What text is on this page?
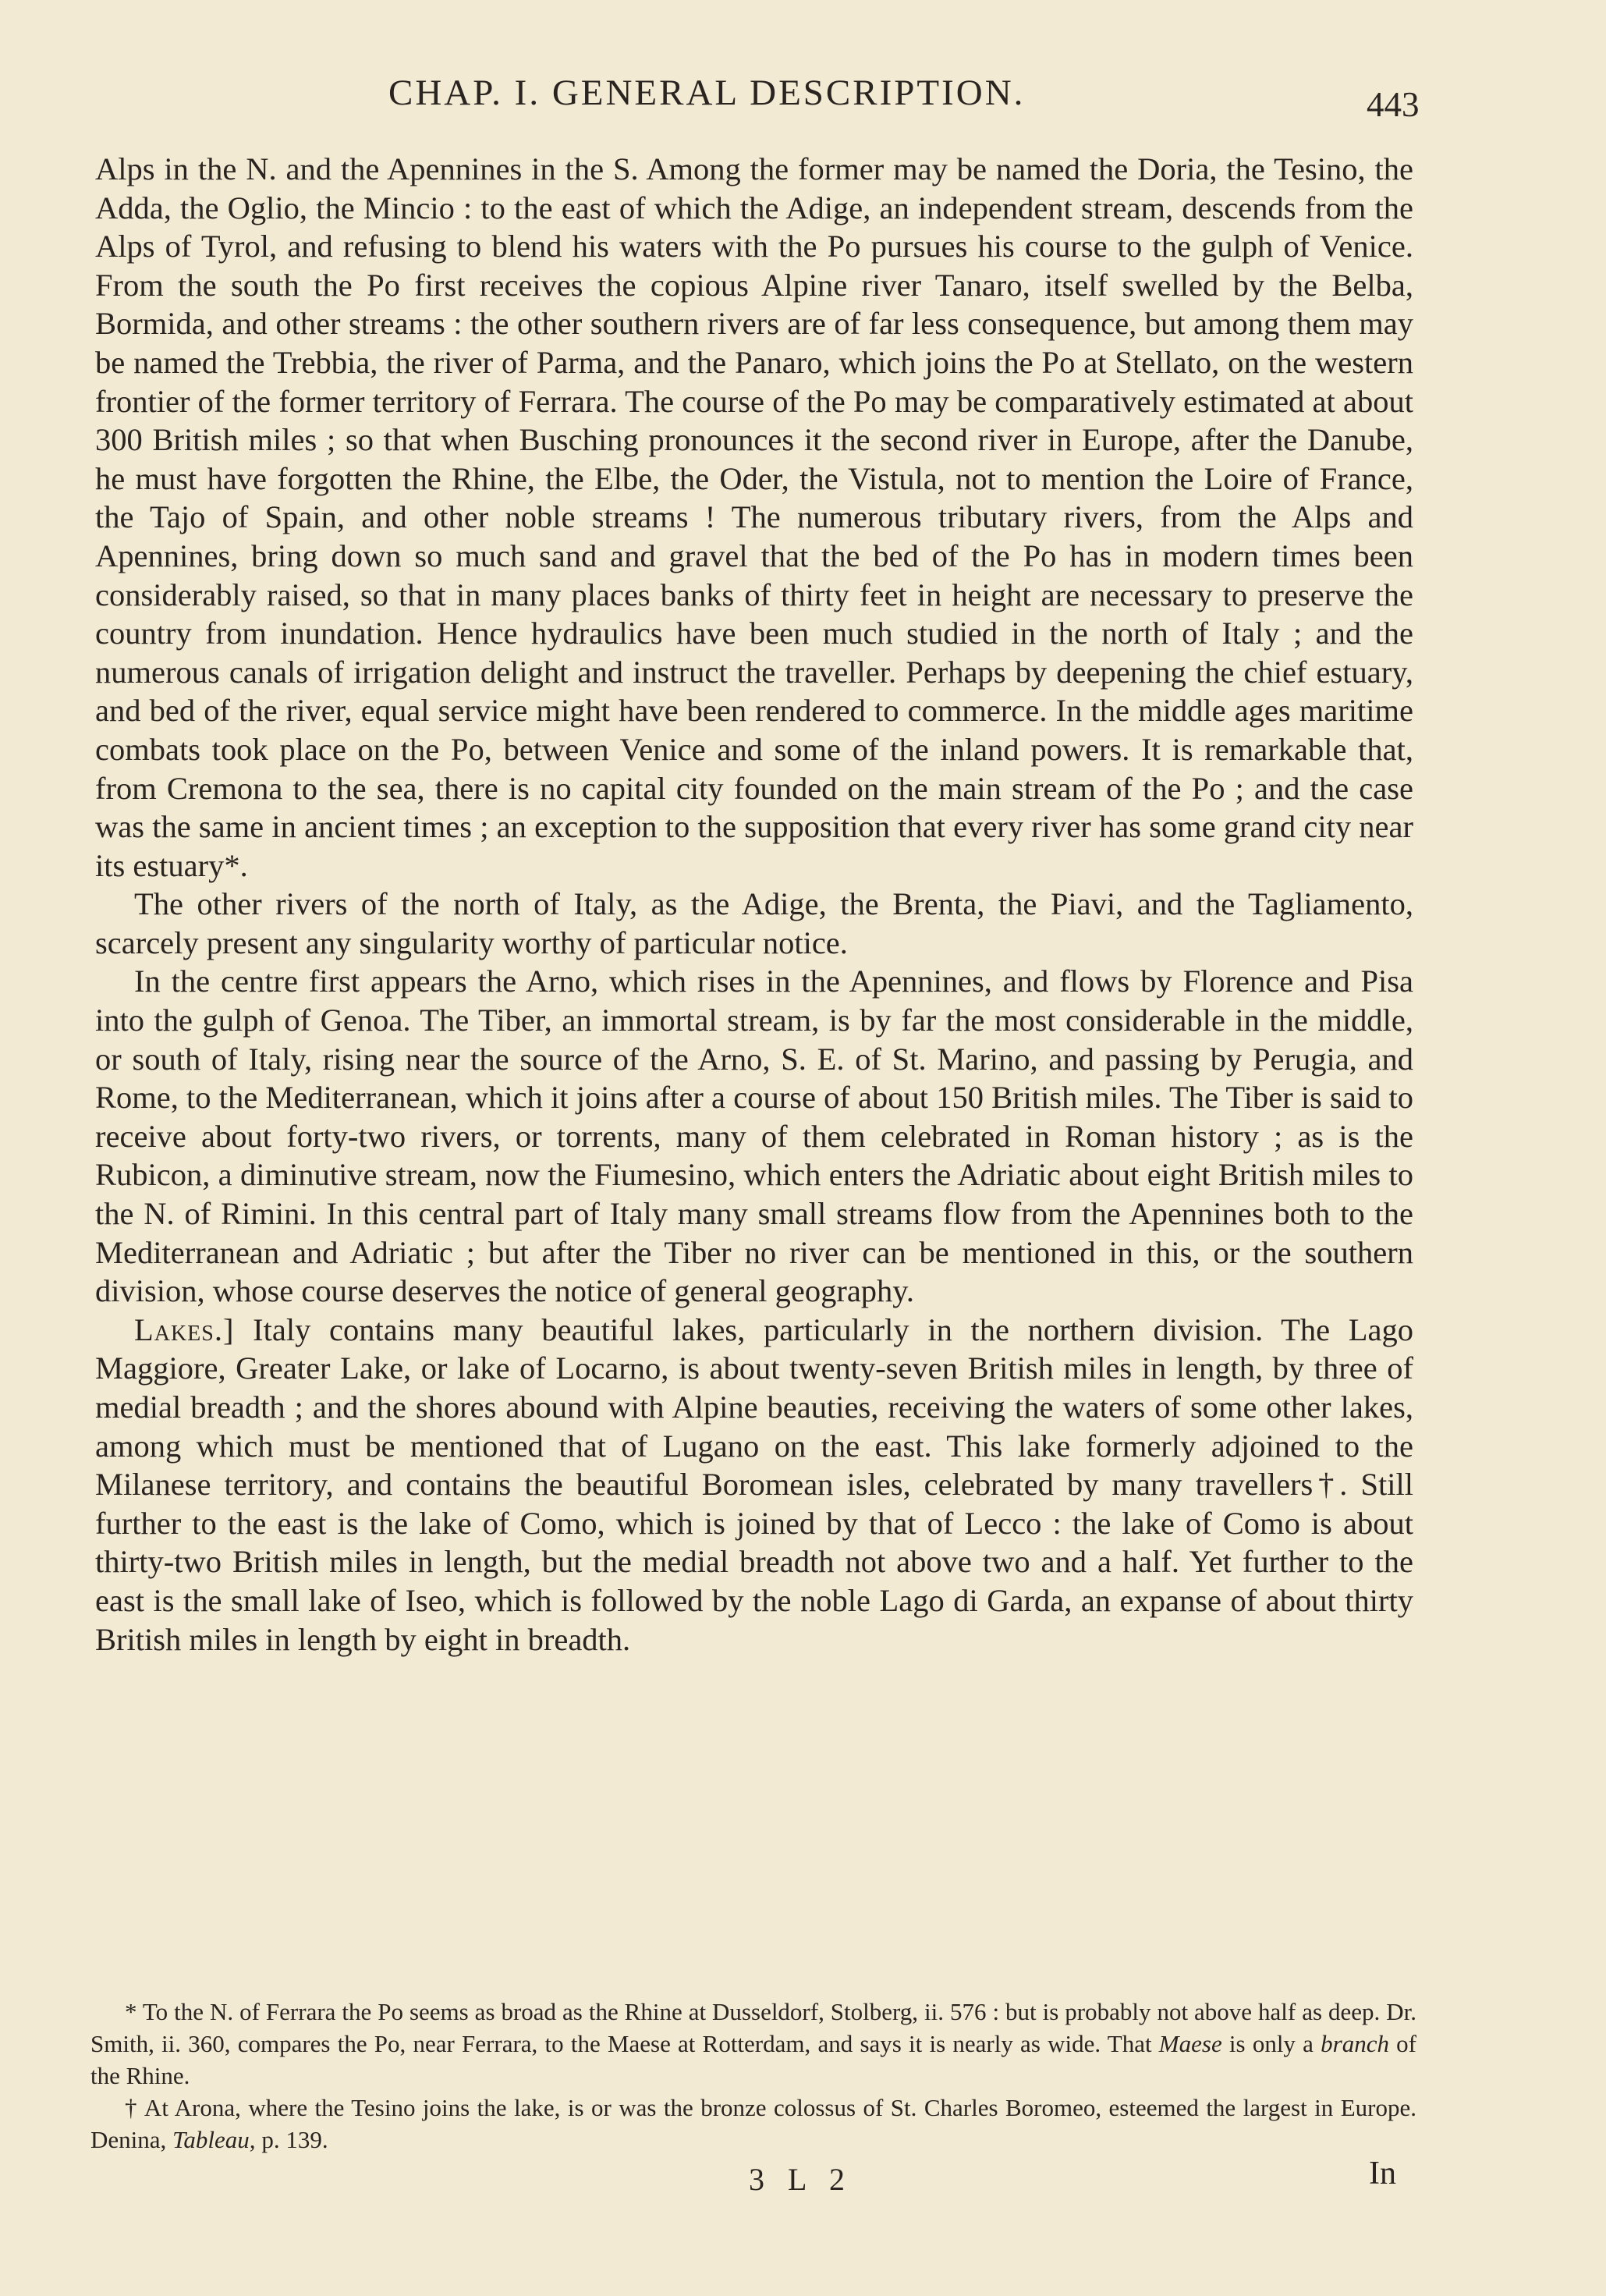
CHAP. I. GENERAL DESCRIPTION.	443

Alps in the N. and the Apennines in the S. Among the former may be named the Doria, the Tesino, the Adda, the Oglio, the Mincio : to the east of which the Adige, an independent stream, descends from the Alps of Tyrol, and refusing to blend his waters with the Po pursues his course to the gulph of Venice. From the south the Po first receives the copious Alpine river Tanaro, itself swelled by the Belba, Bormida, and other streams : the other southern rivers are of far less consequence, but among them may be named the Trebbia, the river of Parma, and the Panaro, which joins the Po at Stellato, on the western frontier of the former territory of Ferrara. The course of the Po may be comparatively estimated at about 300 British miles ; so that when Busching pronounces it the second river in Europe, after the Danube, he must have forgotten the Rhine, the Elbe, the Oder, the Vistula, not to mention the Loire of France, the Tajo of Spain, and other noble streams ! The numerous tributary rivers, from the Alps and Apennines, bring down so much sand and gravel that the bed of the Po has in modern times been considerably raised, so that in many places banks of thirty feet in height are necessary to preserve the country from inundation. Hence hydraulics have been much studied in the north of Italy ; and the numerous canals of irrigation delight and instruct the traveller. Perhaps by deepening the chief estuary, and bed of the river, equal service might have been rendered to commerce. In the middle ages maritime combats took place on the Po, between Venice and some of the inland powers. It is remarkable that, from Cremona to the sea, there is no capital city founded on the main stream of the Po ; and the case was the same in ancient times ; an exception to the supposition that every river has some grand city near its estuary*.

The other rivers of the north of Italy, as the Adige, the Brenta, the Piavi, and the Tagliamento, scarcely present any singularity worthy of particular notice.

In the centre first appears the Arno, which rises in the Apennines, and flows by Florence and Pisa into the gulph of Genoa. The Tiber, an immortal stream, is by far the most considerable in the middle, or south of Italy, rising near the source of the Arno, S. E. of St. Marino, and passing by Perugia, and Rome, to the Mediterranean, which it joins after a course of about 150 British miles. The Tiber is said to receive about forty-two rivers, or torrents, many of them celebrated in Roman history ; as is the Rubicon, a diminutive stream, now the Fiumesino, which enters the Adriatic about eight British miles to the N. of Rimini. In this central part of Italy many small streams flow from the Apennines both to the Mediterranean and Adriatic ; but after the Tiber no river can be mentioned in this, or the southern division, whose course deserves the notice of general geography.

Lakes.] Italy contains many beautiful lakes, particularly in the northern division. The Lago Maggiore, Greater Lake, or lake of Locarno, is about twenty-seven British miles in length, by three of medial breadth ; and the shores abound with Alpine beauties, receiving the waters of some other lakes, among which must be mentioned that of Lugano on the east. This lake formerly adjoined to the Milanese territory, and contains the beautiful Boromean isles, celebrated by many travellers†. Still further to the east is the lake of Como, which is joined by that of Lecco : the lake of Como is about thirty-two British miles in length, but the medial breadth not above two and a half. Yet further to the east is the small lake of Iseo, which is followed by the noble Lago di Garda, an expanse of about thirty British miles in length by eight in breadth.

* To the N. of Ferrara the Po seems as broad as the Rhine at Dusseldorf, Stolberg, ii. 576 : but is probably not above half as deep. Dr. Smith, ii. 360, compares the Po, near Ferrara, to the Maese at Rotterdam, and says it is nearly as wide. That Maese is only a branch of the Rhine.

† At Arona, where the Tesino joins the lake, is or was the bronze colossus of St. Charles Boromeo, esteemed the largest in Europe. Denina, Tableau, p. 139.

3 L 2	In
